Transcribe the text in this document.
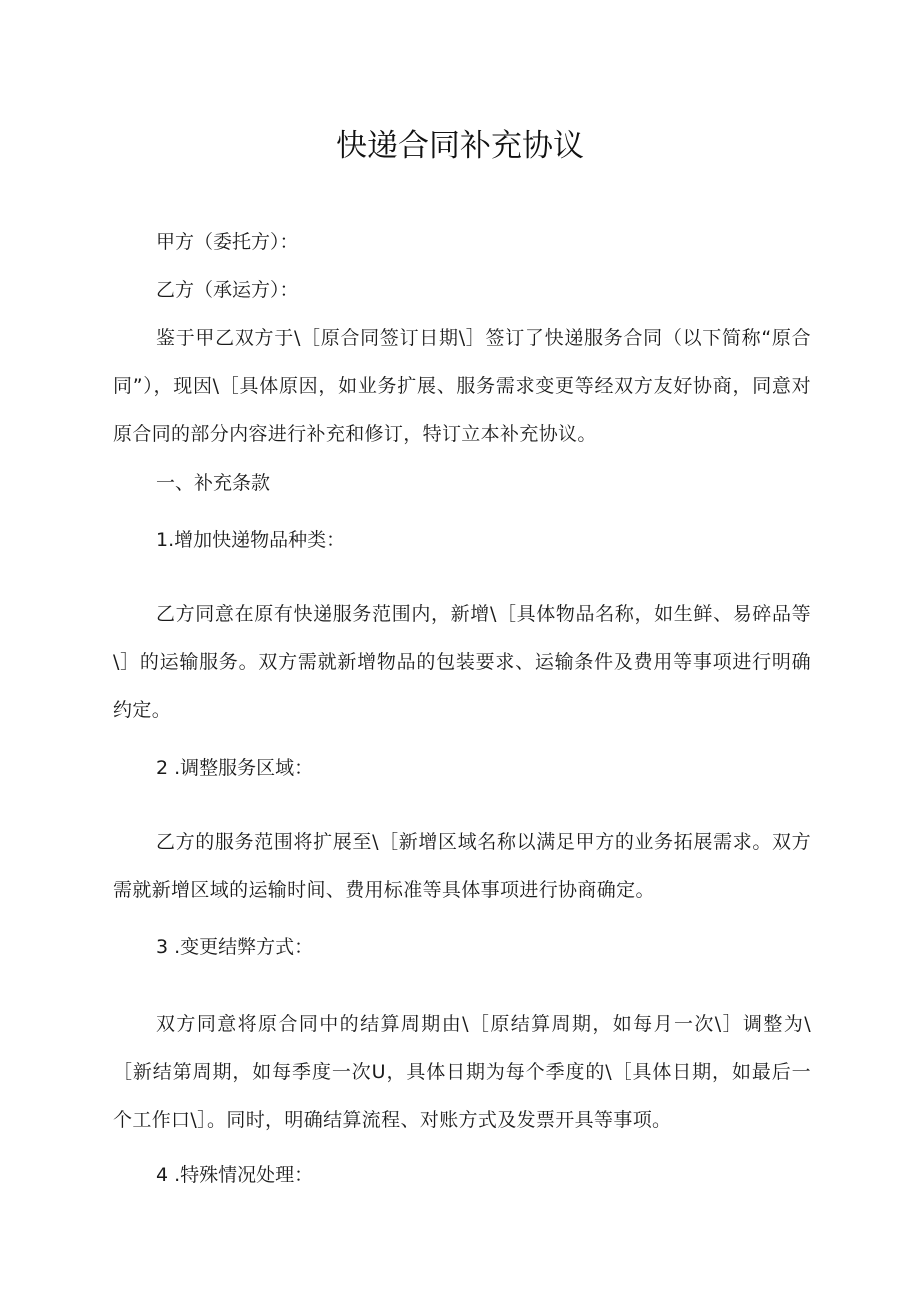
快递合同补充协议

甲方（委托方）：

乙方（承运方）：

鉴于甲乙双方于\［原合同签订日期\］签订了快递服务合同（以下简称“原合同”），现因\［具体原因，如业务扩展、服务需求变更等经双方友好协商，同意对原合同的部分内容进行补充和修订，特订立本补充协议。

一、补充条款

1.增加快递物品种类：

乙方同意在原有快递服务范围内，新增\［具体物品名称，如生鲜、易碎品等\］的运输服务。双方需就新增物品的包装要求、运输条件及费用等事项进行明确约定。

2 .调整服务区域：

乙方的服务范围将扩展至\［新增区域名称以满足甲方的业务拓展需求。双方需就新增区域的运输时间、费用标准等具体事项进行协商确定。

3 .变更结弊方式：

双方同意将原合同中的结算周期由\［原结算周期，如每月一次\］调整为\［新结第周期，如每季度一次U，具体日期为每个季度的\［具体日期，如最后一个工作口\］。同时，明确结算流程、对账方式及发票开具等事项。

4 .特殊情况处理：
